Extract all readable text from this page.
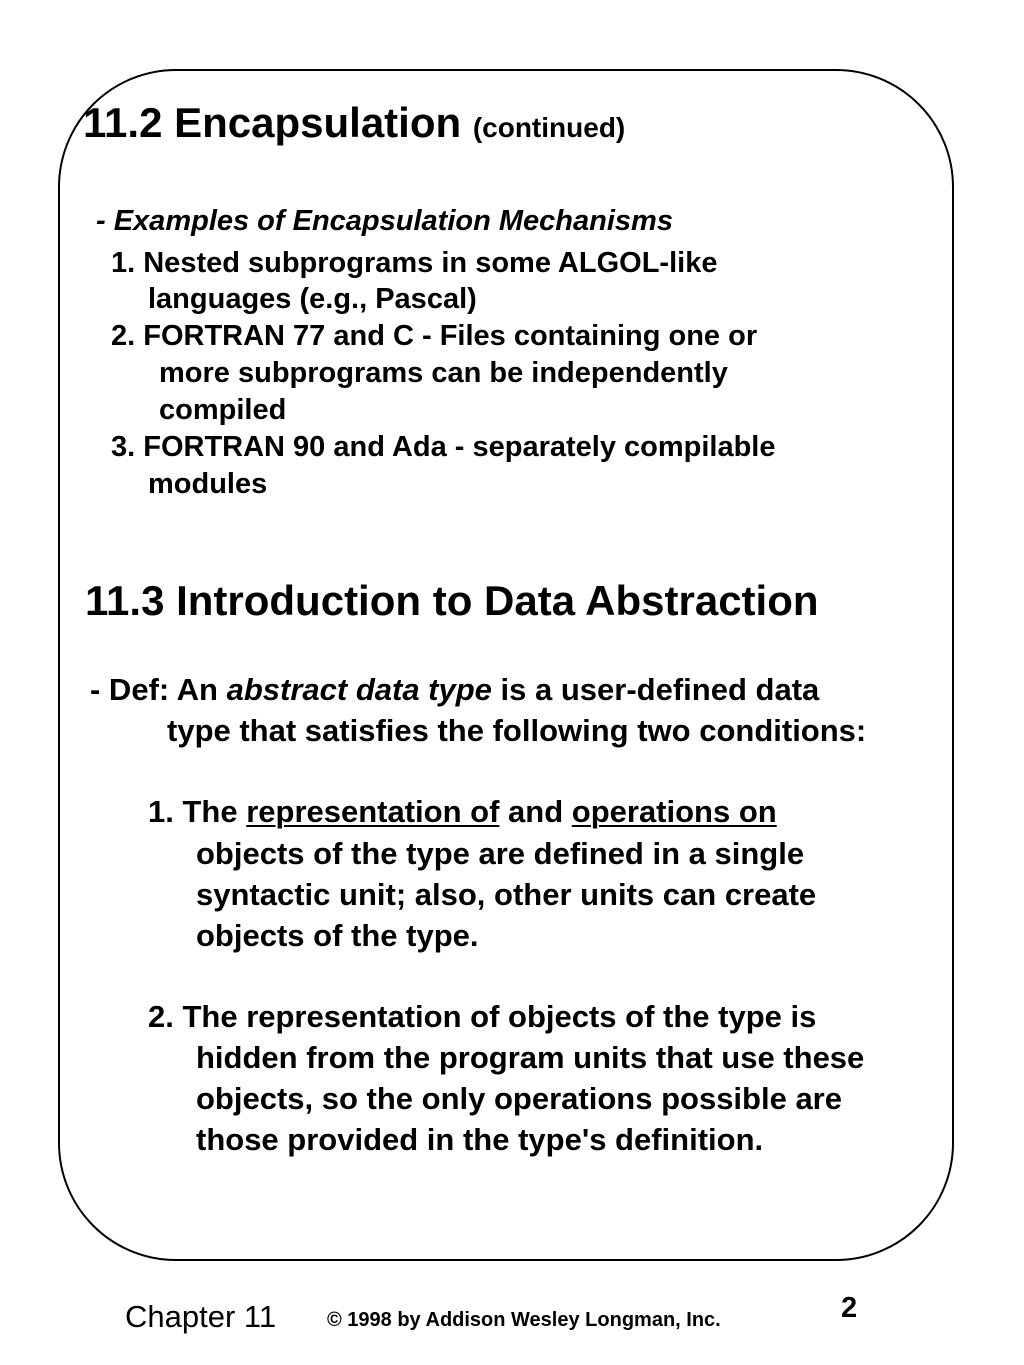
11.2 Encapsulation (continued)
- Examples of Encapsulation Mechanisms
1. Nested subprograms in some ALGOL-like
languages (e.g., Pascal)
2. FORTRAN 77 and C - Files containing one or
more subprograms can be independently
compiled
3. FORTRAN 90 and Ada - separately compilable
modules
11.3 Introduction to Data Abstraction
- Def: An abstract data type is a user-defined data
type that satisfies the following two conditions:
1. The representation of and operations on
objects of the type are defined in a single
syntactic unit; also, other units can create
objects of the type.
2. The representation of objects of the type is
hidden from the program units that use these
objects, so the only operations possible are
those provided in the type's definition.
Chapter 11	© 1998 by Addison Wesley Longman, Inc.	2
